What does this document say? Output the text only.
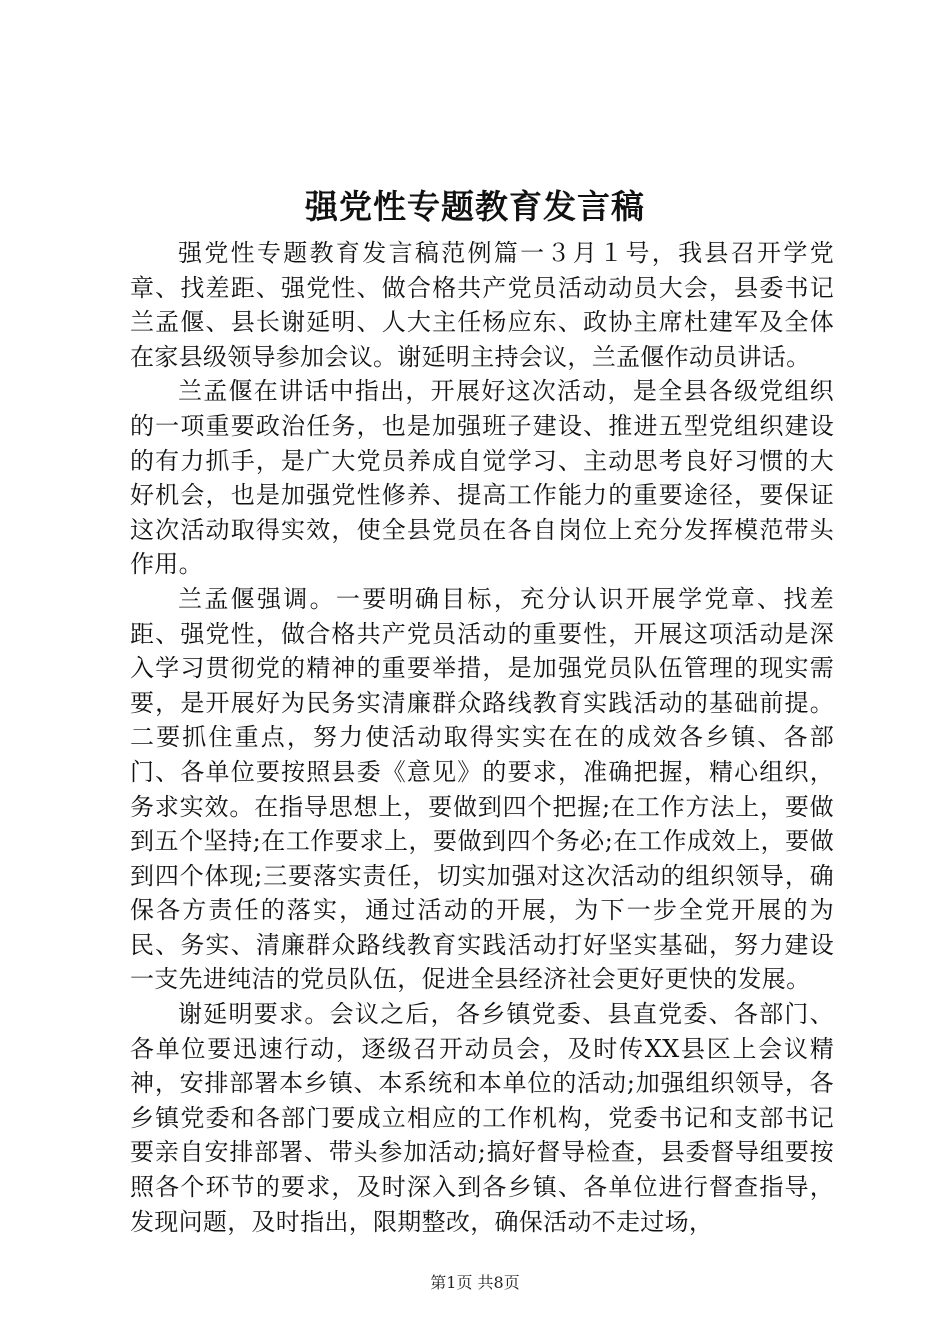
强党性专题教育发言稿

强党性专题教育发言稿范例篇一３月１号，我县召开学党章、找差距、强党性、做合格共产党员活动动员大会，县委书记兰孟偃、县长谢延明、人大主任杨应东、政协主席杜建军及全体在家县级领导参加会议。谢延明主持会议，兰孟偃作动员讲话。

兰孟偃在讲话中指出，开展好这次活动，是全县各级党组织的一项重要政治任务，也是加强班子建设、推进五型党组织建设的有力抓手，是广大党员养成自觉学习、主动思考良好习惯的大好机会，也是加强党性修养、提高工作能力的重要途径，要保证这次活动取得实效，使全县党员在各自岗位上充分发挥模范带头作用。

兰孟偃强调。一要明确目标，充分认识开展学党章、找差距、强党性，做合格共产党员活动的重要性，开展这项活动是深入学习贯彻党的精神的重要举措，是加强党员队伍管理的现实需要，是开展好为民务实清廉群众路线教育实践活动的基础前提。二要抓住重点，努力使活动取得实实在在的成效各乡镇、各部门、各单位要按照县委《意见》的要求，准确把握，精心组织，务求实效。在指导思想上，要做到四个把握;在工作方法上，要做到五个坚持;在工作要求上，要做到四个务必;在工作成效上，要做到四个体现;三要落实责任，切实加强对这次活动的组织领导，确保各方责任的落实，通过活动的开展，为下一步全党开展的为民、务实、清廉群众路线教育实践活动打好坚实基础，努力建设一支先进纯洁的党员队伍，促进全县经济社会更好更快的发展。

谢延明要求。会议之后，各乡镇党委、县直党委、各部门、各单位要迅速行动，逐级召开动员会，及时传XX县区上会议精神，安排部署本乡镇、本系统和本单位的活动;加强组织领导，各乡镇党委和各部门要成立相应的工作机构，党委书记和支部书记要亲自安排部署、带头参加活动;搞好督导检查，县委督导组要按照各个环节的要求，及时深入到各乡镇、各单位进行督查指导，发现问题，及时指出，限期整改，确保活动不走过场，

第1页 共8页
